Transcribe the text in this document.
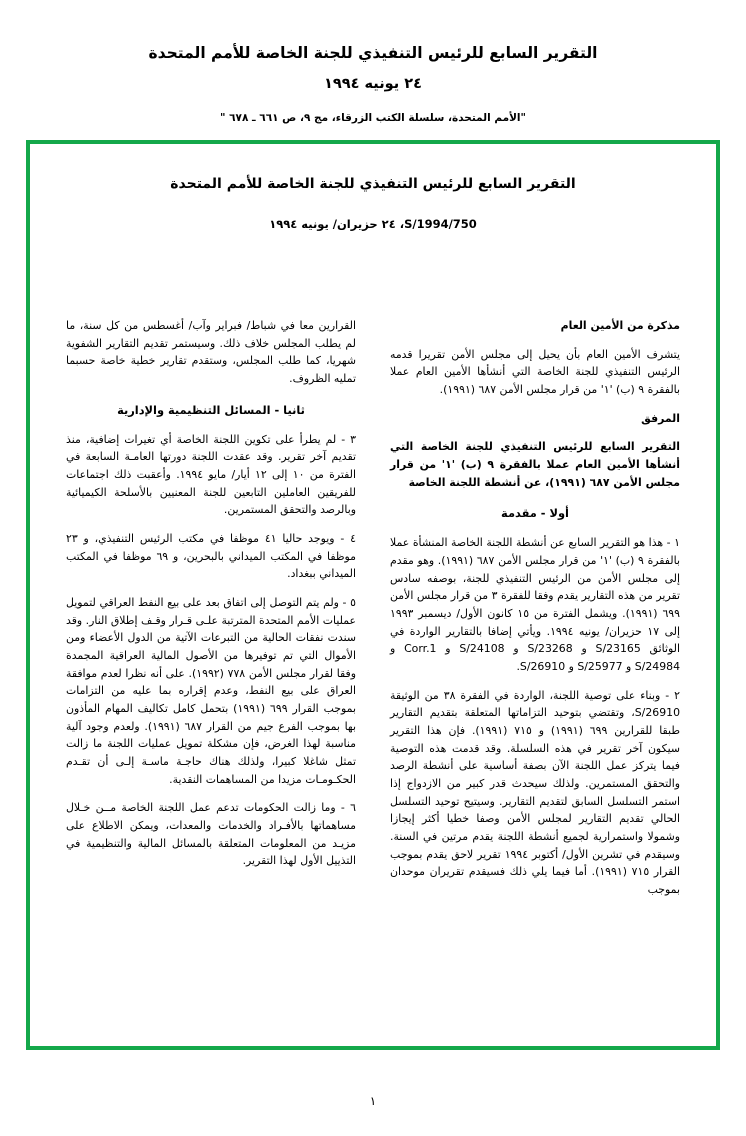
التقرير السابع للرئيس التنفيذي للجنة الخاصة للأمم المتحدة
٢٤ يونيه ١٩٩٤
"الأمم المتحدة، سلسلة الكتب الزرقاء، مج ٩، ص ٦٦١ ـ ٦٧٨ "
التقرير السابع للرئيس التنفيذي للجنة الخاصة للأمم المتحدة
S/1994/750، ٢٤ حزيران/ يونيه ١٩٩٤

مذكرة من الأمين العام

يتشرف الأمين العام بأن يحيل إلى مجلس الأمن تقريرا قدمه الرئيس التنفيذي للجنة الخاصة التي أنشأها الأمين العام عملا بالفقرة ٩ (ب) '١' من قرار مجلس الأمن ٦٨٧ (١٩٩١).

المرفق

التقرير السابع للرئيس التنفيذي للجنة الخاصة التي أنشأها الأمين العام عملا بالفقرة ٩ (ب) '١' من قرار مجلس الأمن ٦٨٧ (١٩٩١)، عن أنشطة اللجنة الخاصة

أولا - مقدمة

١ - هذا هو التقرير السابع عن أنشطة اللجنة الخاصة المنشأة عملا بالفقرة ٩ (ب) '١' من قرار مجلس الأمن ٦٨٧ (١٩٩١). وهو مقدم إلى مجلس الأمن من الرئيس التنفيذي للجنة، بوصفه سادس تقرير من هذه التقارير يقدم وفقا للفقرة ٣ من قرار مجلس الأمن ٦٩٩ (١٩٩١). ويشمل الفترة من ١٥ كانون الأول/ ديسمبر ١٩٩٣ إلى ١٧ حزيران/ يونيه ١٩٩٤. ويأتي إضافا بالتقارير الواردة في الوثائق S/23165 و S/23268 و S/24108 و Corr.1 و S/24984 و S/25977 و S/26910.

٢ - وبناء على توصية اللجنة، الواردة في الفقرة ٣٨ من الوثيقة S/26910، وتقتضي بتوحيد التزاماتها المتعلقة بتقديم التقارير طبقا للقرارين ٦٩٩ (١٩٩١) و ٧١٥ (١٩٩١). فإن هذا التقرير سيكون آخر تقرير في هذه السلسلة. وقد قدمت هذه التوصية فيما يتركز عمل اللجنة الآن بصفة أساسية على أنشطة الرصد والتحقق المستمرين. ولذلك سيحدث قدر كبير من الازدواج إذا استمر التسلسل السابق لتقديم التقارير. وسيتيح توحيد التسلسل الحالي تقديم التقارير لمجلس الأمن وصفا خطيا أكثر إيجازا وشمولا واستمرارية لجميع أنشطة اللجنة يقدم مرتين في السنة. وسيقدم في تشرين الأول/ أكتوبر ١٩٩٤ تقرير لاحق يقدم بموجب القرار ٧١٥ (١٩٩١). أما فيما يلي ذلك فسيقدم تقريران موحدان بموجب

القرارين معا في شباط/ فبراير وآب/ أغسطس من كل سنة، ما لم يطلب المجلس خلاف ذلك. وسيستمر تقديم التقارير الشفوية شهريا، كما طلب المجلس، وستقدم تقارير خطية خاصة حسبما تمليه الظروف.

ثانيا - المسائل التنظيمية والإدارية

٣ - لم يطرأ على تكوين اللجنة الخاصة أي تغيرات إضافية، منذ تقديم آخر تقرير. وقد عقدت اللجنة دورتها العامـة السابعة في الفترة من ١٠ إلى ١٢ أيار/ مايو ١٩٩٤. وأعقبت ذلك اجتماعات للفريقين العاملين التابعين للجنة المعنيين بالأسلحة الكيميائية وبالرصد والتحقق المستمرين.

٤ - ويوجد حاليا ٤١ موظفا في مكتب الرئيس التنفيذي، و ٢٣ موظفا في المكتب الميداني بالبحرين، و ٦٩ موظفا في المكتب الميداني ببغداد.

٥ - ولم يتم التوصل إلى اتفاق بعد على بيع النفط العراقي لتمويل عمليات الأمم المتحدة المترتبة علـى قـرار وقـف إطلاق النار. وقد سندت نفقات الحالية من التبرعات الآتية من الدول الأعضاء ومن الأموال التي تم توفيرها من الأصول المالية العراقية المجمدة وفقا لقرار مجلس الأمن ٧٧٨ (١٩٩٢). على أنه نظرا لعدم موافقة العراق على بيع النفط، وعدم إقراره بما عليه من التزامات بموجب القرار ٦٩٩ (١٩٩١) بتحمل كامل تكاليف المهام المأذون بها بموجب الفرع جيم من القرار ٦٨٧ (١٩٩١). ولعدم وجود آلية مناسبة لهذا الغرض، فإن مشكلة تمويل عمليات اللجنة ما زالت تمثل شاغلا كبيرا، ولذلك هناك حاجـة ماسـة إلـى أن تقـدم الحكـومـات مزيدا من المساهمات النقدية.

٦ - وما زالت الحكومات تدعم عمل اللجنة الخاصة مــن خـلال مساهماتها بالأفـراد والخدمات والمعدات، ويمكن الاطلاع على مزيـد من المعلومات المتعلقة بالمسائل المالية والتنظيمية في التذييل الأول لهذا التقرير.

١
